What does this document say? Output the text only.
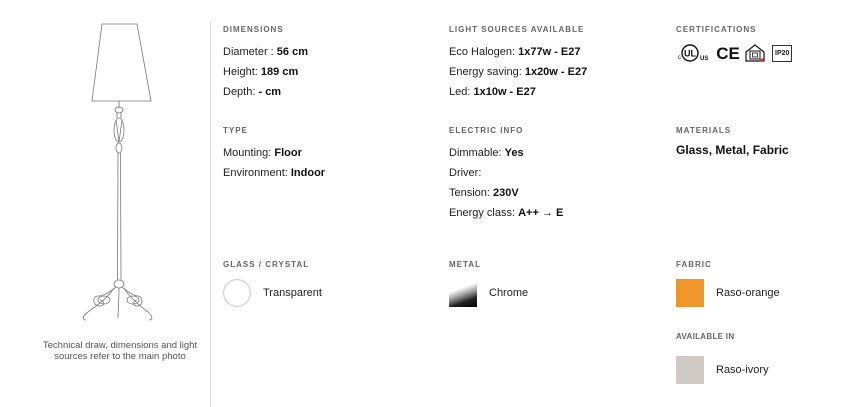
Technical draw, dimensions and light sources refer to the main photo
DIMENSIONS
Diameter : 56 cm
Height: 189 cm
Depth: - cm
LIGHT SOURCES AVAILABLE
Eco Halogen: 1x77w - E27
Energy saving: 1x20w - E27
Led: 1x10w - E27
CERTIFICATIONS
UL
c	US CE	IP20
TYPE
Mounting: Floor
Environment: Indoor
ELECTRIC INFO
Dimmable: Yes
Driver:
Tension: 230V
Energy class: A++ → E
MATERIALS
Glass, Metal, Fabric
GLASS / CRYSTAL
Transparent
METAL
Chrome
FABRIC
Raso-orange
AVAILABLE IN
Raso-ivory
